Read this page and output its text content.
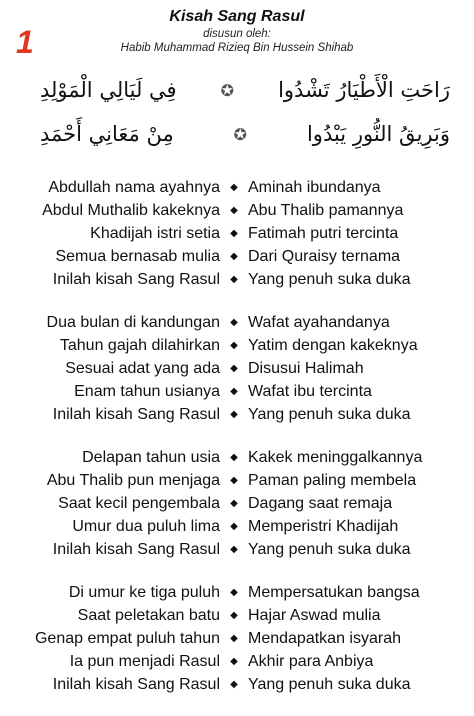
1
Kisah Sang Rasul
disusun oleh:
Habib Muhammad Rizieq Bin Hussein Shihab
رَاحَتِ الْأَطْيَارُ تَشْدُوا
✪
فِي لَيَالِي الْمَوْلِدِ
وَبَرِيقُ النُّورِ يَبْدُوا
✪
مِنْ مَعَانِي أَحْمَدِ
Abdullah nama ayahnya	◆ Aminah ibundanya
Abdul Muthalib kakeknya	◆ Abu Thalib pamannya
Khadijah istri setia	◆ Fatimah putri tercinta
Semua bernasab mulia	◆ Dari Quraisy ternama
Inilah kisah Sang Rasul	◆ Yang penuh suka duka
Dua bulan di kandungan	◆ Wafat ayahandanya
Tahun gajah dilahirkan	◆ Yatim dengan kakeknya
Sesuai adat yang ada	◆ Disusui Halimah
Enam tahun usianya	◆ Wafat ibu tercinta
Inilah kisah Sang Rasul	◆ Yang penuh suka duka
Delapan tahun usia	◆ Kakek meninggalkannya
Abu Thalib pun menjaga	◆ Paman paling membela
Saat kecil pengembala	◆ Dagang saat remaja
Umur dua puluh lima	◆ Memperistri Khadijah
Inilah kisah Sang Rasul	◆ Yang penuh suka duka
Di umur ke tiga puluh	◆ Mempersatukan bangsa
Saat peletakan batu	◆ Hajar Aswad mulia
Genap empat puluh tahun	◆ Mendapatkan isyarah
Ia pun menjadi Rasul	◆ Akhir para Anbiya
Inilah kisah Sang Rasul	◆ Yang penuh suka duka
